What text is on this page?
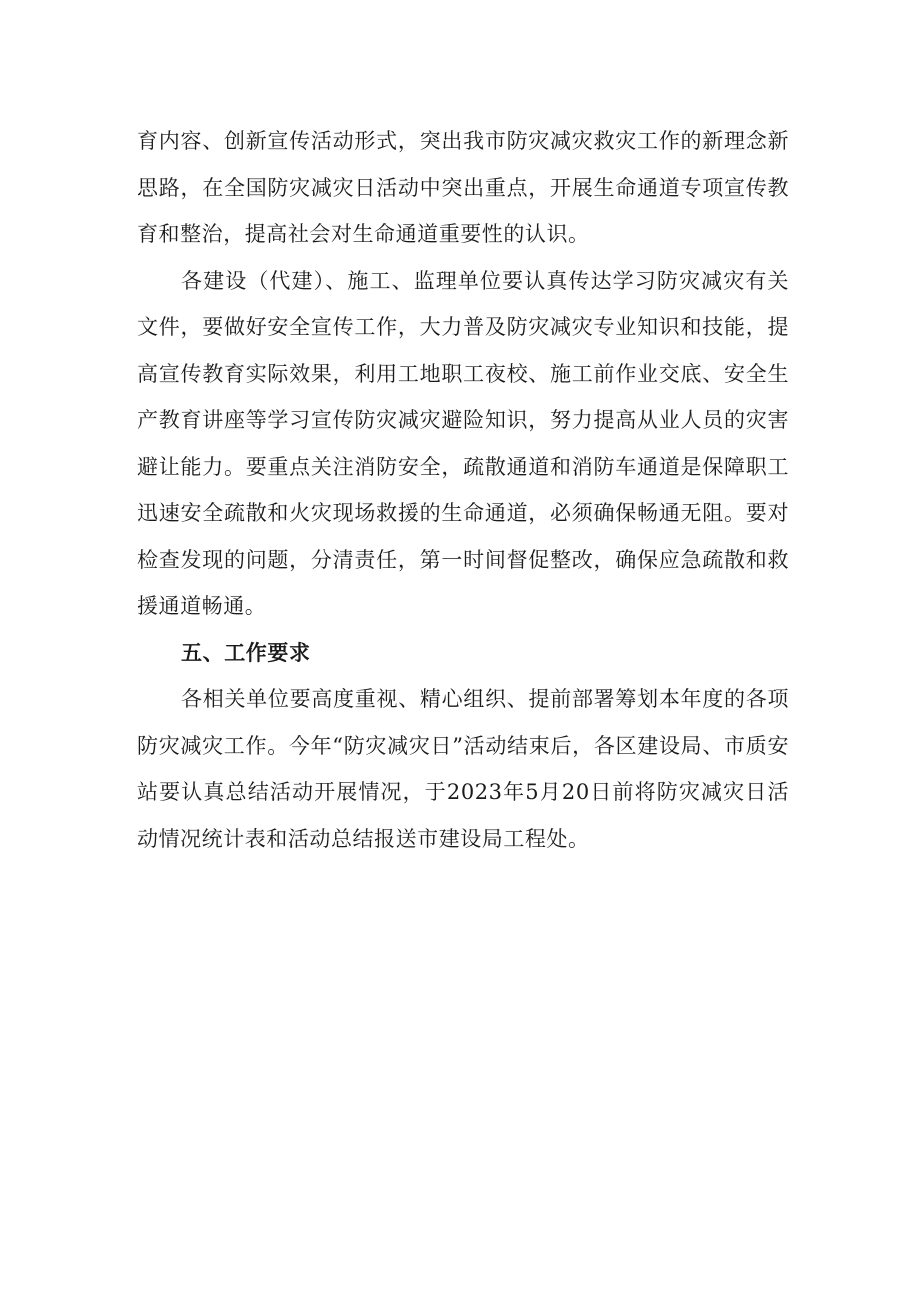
育内容、创新宣传活动形式，突出我市防灾减灾救灾工作的新理念新思路，在全国防灾减灾日活动中突出重点，开展生命通道专项宣传教育和整治，提高社会对生命通道重要性的认识。

各建设（代建）、施工、监理单位要认真传达学习防灾减灾有关文件，要做好安全宣传工作，大力普及防灾减灾专业知识和技能，提高宣传教育实际效果，利用工地职工夜校、施工前作业交底、安全生产教育讲座等学习宣传防灾减灾避险知识，努力提高从业人员的灾害避让能力。要重点关注消防安全，疏散通道和消防车通道是保障职工迅速安全疏散和火灾现场救援的生命通道，必须确保畅通无阻。要对检查发现的问题，分清责任，第一时间督促整改，确保应急疏散和救援通道畅通。

五、工作要求

各相关单位要高度重视、精心组织、提前部署筹划本年度的各项防灾减灾工作。今年“防灾减灾日”活动结束后，各区建设局、市质安站要认真总结活动开展情况，于2023年5月20日前将防灾减灾日活动情况统计表和活动总结报送市建设局工程处。
